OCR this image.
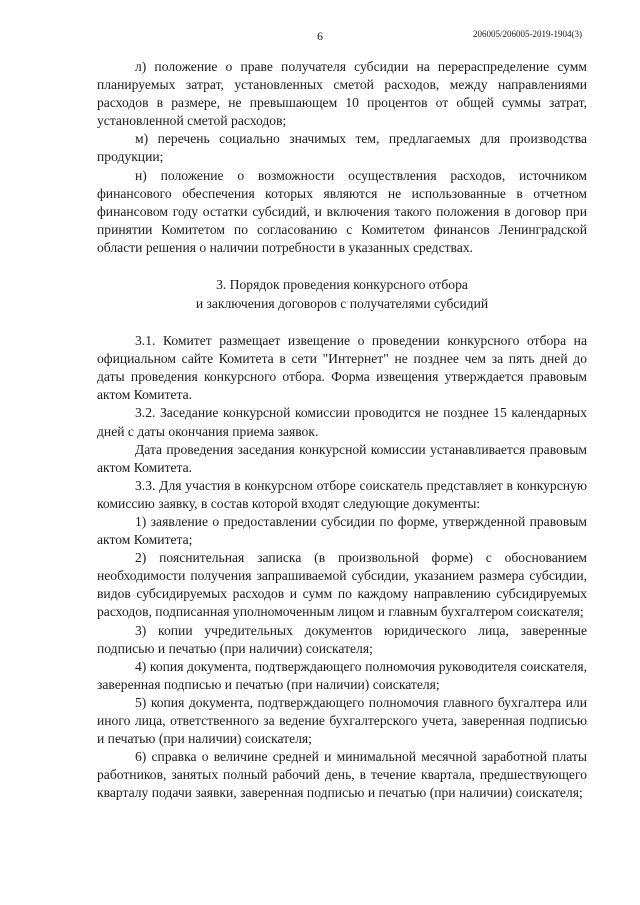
6	206005/206005-2019-1904(3)

л) положение о праве получателя субсидии на перераспределение сумм планируемых затрат, установленных сметой расходов, между направлениями расходов в размере, не превышающем 10 процентов от общей суммы затрат, установленной сметой расходов;

м) перечень социально значимых тем, предлагаемых для производства продукции;

н) положение о возможности осуществления расходов, источником финансового обеспечения которых являются не использованные в отчетном финансовом году остатки субсидий, и включения такого положения в договор при принятии Комитетом по согласованию с Комитетом финансов Ленинградской области решения о наличии потребности в указанных средствах.

3. Порядок проведения конкурсного отбора
и заключения договоров с получателями субсидий

3.1. Комитет размещает извещение о проведении конкурсного отбора на официальном сайте Комитета в сети "Интернет" не позднее чем за пять дней до даты проведения конкурсного отбора. Форма извещения утверждается правовым актом Комитета.

3.2. Заседание конкурсной комиссии проводится не позднее 15 календарных дней с даты окончания приема заявок.

Дата проведения заседания конкурсной комиссии устанавливается правовым актом Комитета.

3.3. Для участия в конкурсном отборе соискатель представляет в конкурсную комиссию заявку, в состав которой входят следующие документы:

1) заявление о предоставлении субсидии по форме, утвержденной правовым актом Комитета;

2) пояснительная записка (в произвольной форме) с обоснованием необходимости получения запрашиваемой субсидии, указанием размера субсидии, видов субсидируемых расходов и сумм по каждому направлению субсидируемых расходов, подписанная уполномоченным лицом и главным бухгалтером соискателя;

3) копии учредительных документов юридического лица, заверенные подписью и печатью (при наличии) соискателя;

4) копия документа, подтверждающего полномочия руководителя соискателя, заверенная подписью и печатью (при наличии) соискателя;

5) копия документа, подтверждающего полномочия главного бухгалтера или иного лица, ответственного за ведение бухгалтерского учета, заверенная подписью и печатью (при наличии) соискателя;

6) справка о величине средней и минимальной месячной заработной платы работников, занятых полный рабочий день, в течение квартала, предшествующего кварталу подачи заявки, заверенная подписью и печатью (при наличии) соискателя;
